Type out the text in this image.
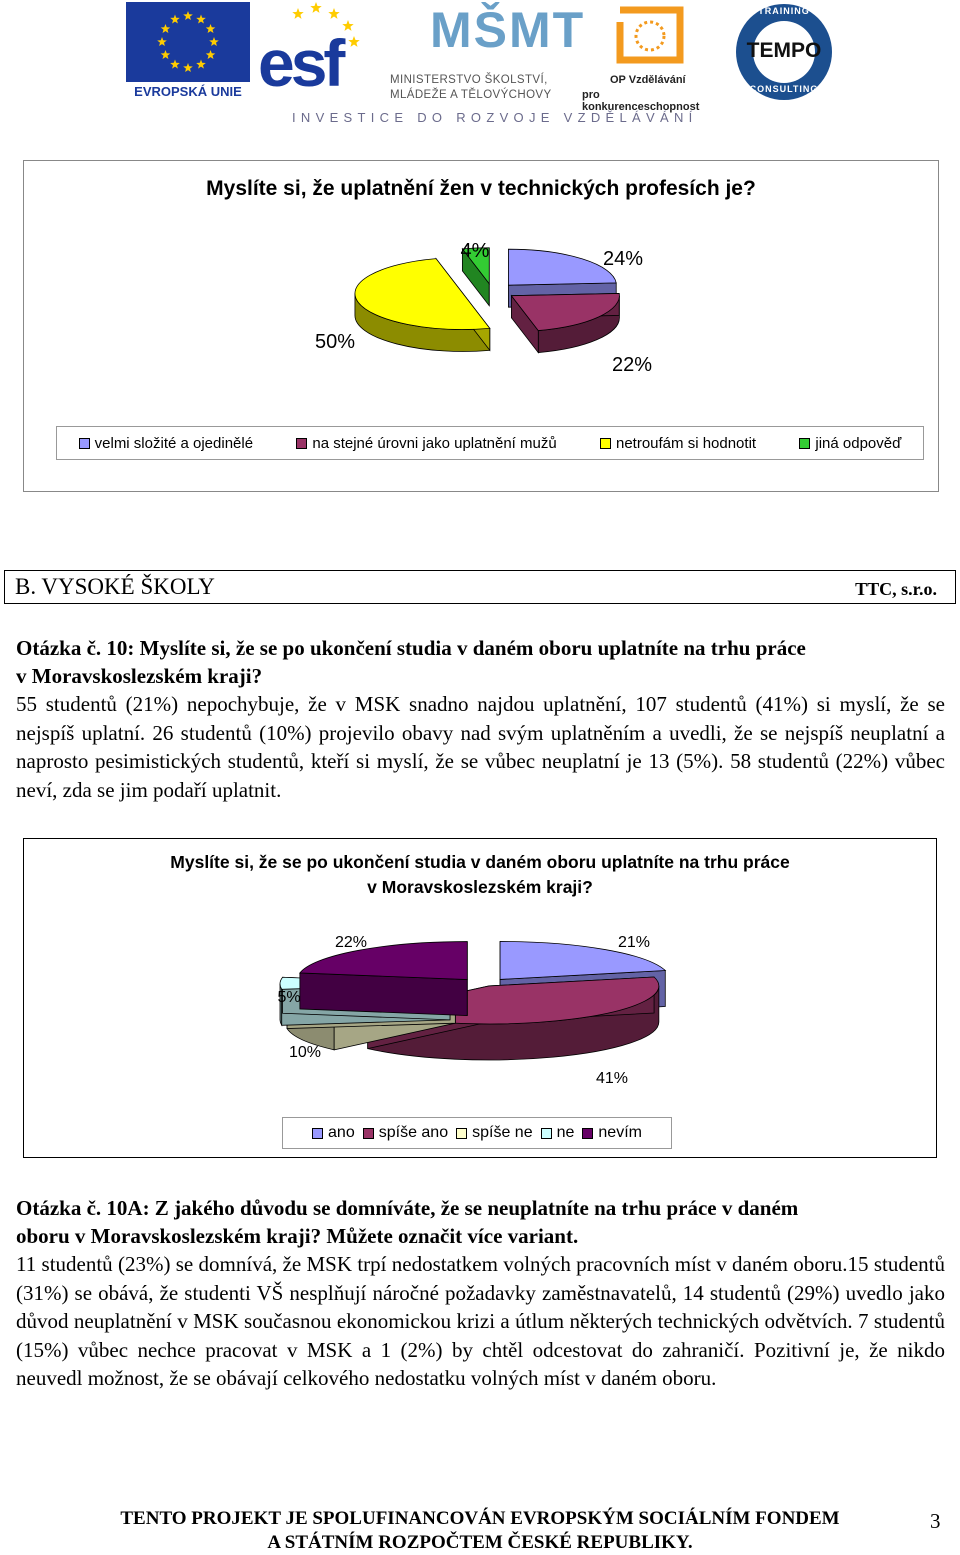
EVROPSKÁ UNIE esf MŠMT
MINISTERSTVO ŠKOLSTVÍ,
MLÁDEŽE A TĚLOVÝCHOVY
OP Vzdělávání
pro konkurenceschopnost
TEMPO
TRAINING
CONSULTING
INVESTICE DO ROZVOJE VZDĚLÁVÁNÍ
Myslíte si, že uplatnění žen v technických profesích je?
24%
22%
50%
4%
velmi složité a ojedinělé	na stejné úrovni jako uplatnění mužů	netroufám si hodnotit	jiná odpověď
B. VYSOKÉ ŠKOLY	TTC, s.r.o.
Otázka č. 10: Myslíte si, že se po ukončení studia v daném oboru uplatníte na trhu práce
v Moravskoslezském kraji?
55 studentů (21%) nepochybuje, že v MSK snadno najdou uplatnění, 107 studentů (41%) si myslí, že se nejspíš uplatní. 26 studentů (10%) projevilo obavy nad svým uplatněním a uvedli, že se nejspíš neuplatní a naprosto pesimistických studentů, kteří si myslí, že se vůbec neuplatní je 13 (5%). 58 studentů (22%) vůbec neví, zda se jim podaří uplatnit.
Myslíte si, že se po ukončení studia v daném oboru uplatníte na trhu práce
v Moravskoslezském kraji?
21%
41%
10%
5%
22%
ano spíše ano spíše ne ne nevím
Otázka č. 10A: Z jakého důvodu se domníváte, že se neuplatníte na trhu práce v daném
oboru v Moravskoslezském kraji? Můžete označit více variant.
11 studentů (23%) se domnívá, že MSK trpí nedostatkem volných pracovních míst v daném oboru.15 studentů (31%) se obává, že studenti VŠ nesplňují náročné požadavky zaměstnavatelů, 14 studentů (29%) uvedlo jako důvod neuplatnění v MSK současnou ekonomickou krizi a útlum některých technických odvětvích. 7 studentů (15%) vůbec nechce pracovat v MSK a 1 (2%) by chtěl odcestovat do zahraničí. Pozitivní je, že nikdo neuvedl možnost, že se obávají celkového nedostatku volných míst v daném oboru.
TENTO PROJEKT JE SPOLUFINANCOVÁN EVROPSKÝM SOCIÁLNÍM FONDEM
A STÁTNÍM ROZPOČTEM ČESKÉ REPUBLIKY.
3
